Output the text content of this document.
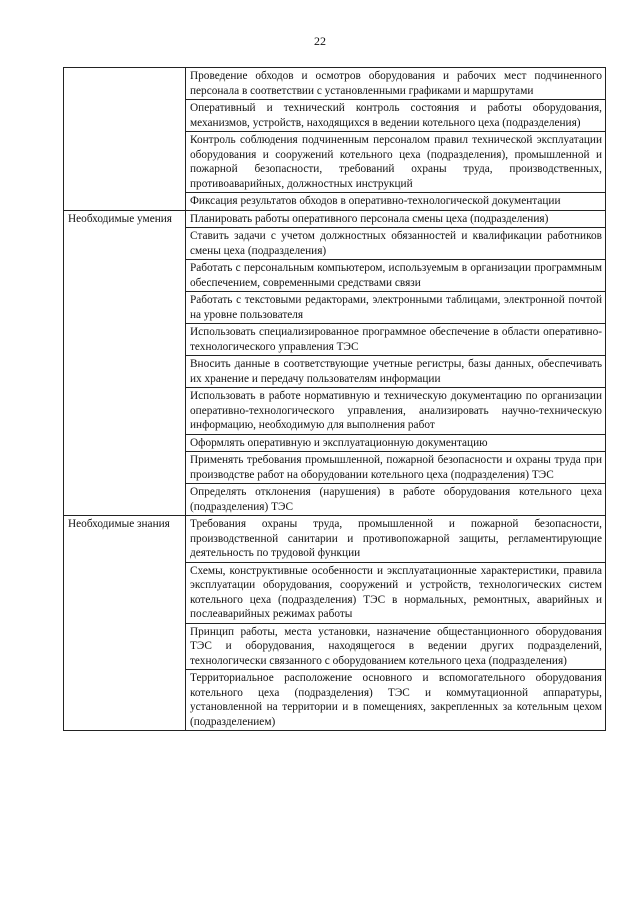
22
	Проведение обходов и осмотров оборудования и рабочих мест подчиненного персонала в соответствии с установленными графиками и маршрутами
	Оперативный и технический контроль состояния и работы оборудования, механизмов, устройств, находящихся в ведении котельного цеха (подразделения)
	Контроль соблюдения подчиненным персоналом правил технической эксплуатации оборудования и сооружений котельного цеха (подразделения), промышленной и пожарной безопасности, требований охраны труда, производственных, противоаварийных, должностных инструкций
	Фиксация результатов обходов в оперативно-технологической документации
Необходимые умения	Планировать работы оперативного персонала смены цеха (подразделения)
	Ставить задачи с учетом должностных обязанностей и квалификации работников смены цеха (подразделения)
	Работать с персональным компьютером, используемым в организации программным обеспечением, современными средствами связи
	Работать с текстовыми редакторами, электронными таблицами, электронной почтой на уровне пользователя
	Использовать специализированное программное обеспечение в области оперативно-технологического управления ТЭС
	Вносить данные в соответствующие учетные регистры, базы данных, обеспечивать их хранение и передачу пользователям информации
	Использовать в работе нормативную и техническую документацию по организации оперативно-технологического управления, анализировать научно-техническую информацию, необходимую для выполнения работ
	Оформлять оперативную и эксплуатационную документацию
	Применять требования промышленной, пожарной безопасности и охраны труда при производстве работ на оборудовании котельного цеха (подразделения) ТЭС
	Определять отклонения (нарушения) в работе оборудования котельного цеха (подразделения) ТЭС
Необходимые знания	Требования охраны труда, промышленной и пожарной безопасности, производственной санитарии и противопожарной защиты, регламентирующие деятельность по трудовой функции
	Схемы, конструктивные особенности и эксплуатационные характеристики, правила эксплуатации оборудования, сооружений и устройств, технологических систем котельного цеха (подразделения) ТЭС в нормальных, ремонтных, аварийных и послеаварийных режимах работы
	Принцип работы, места установки, назначение общестанционного оборудования ТЭС и оборудования, находящегося в ведении других подразделений, технологически связанного с оборудованием котельного цеха (подразделения)
	Территориальное расположение основного и вспомогательного оборудования котельного цеха (подразделения) ТЭС и коммутационной аппаратуры, установленной на территории и в помещениях, закрепленных за котельным цехом (подразделением)
